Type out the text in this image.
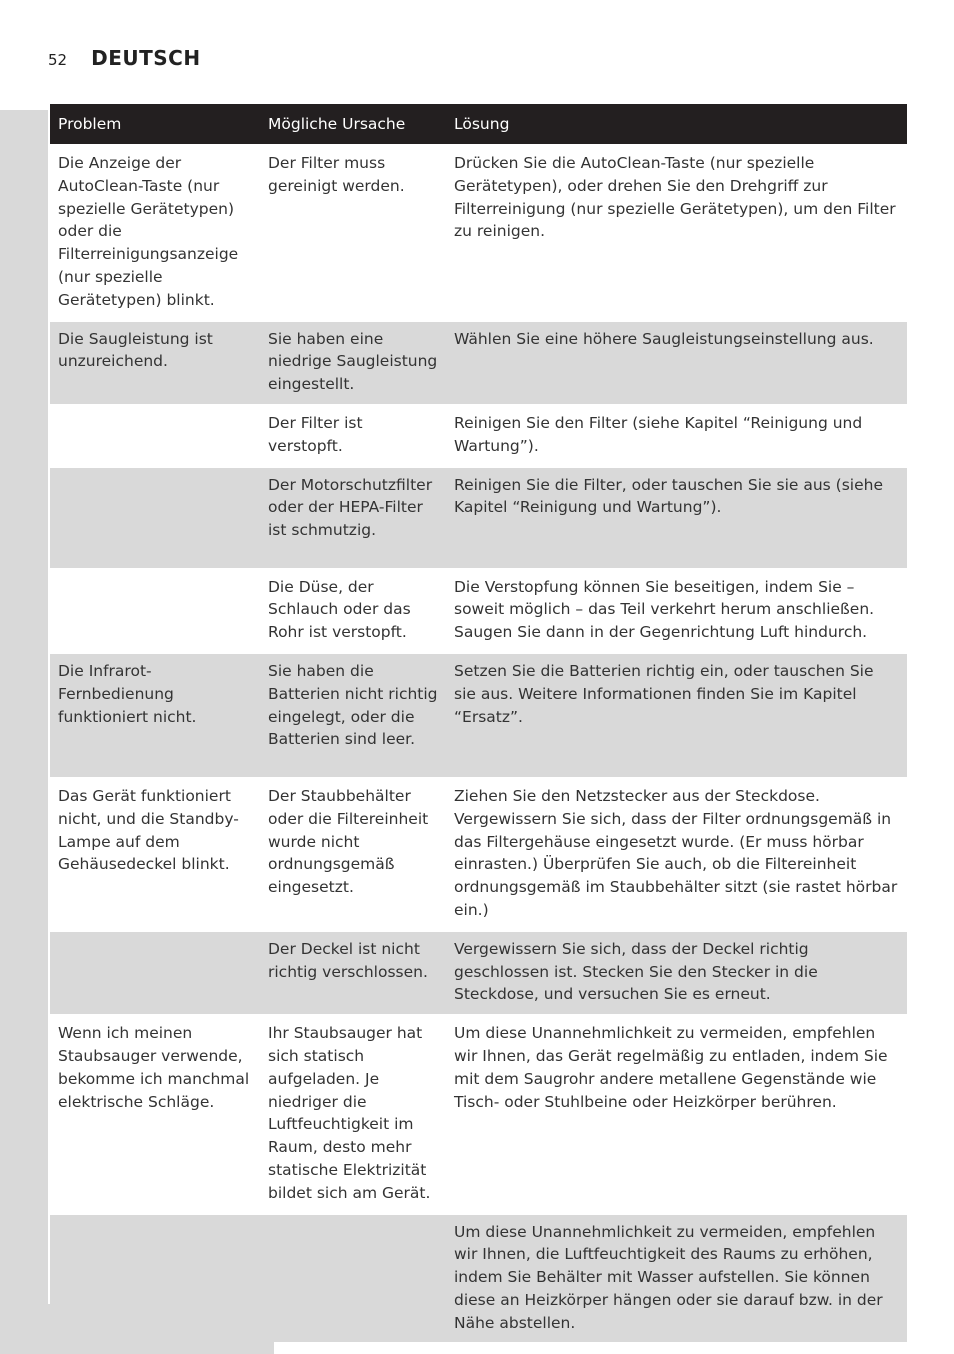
52 DEUTSCH
Problem	Mögliche Ursache	Lösung
Die Anzeige der AutoClean-Taste (nur spezielle Gerätetypen) oder die Filterreinigungsanzeige (nur spezielle Gerätetypen) blinkt.	Der Filter muss gereinigt werden.	Drücken Sie die AutoClean-Taste (nur spezielle Gerätetypen), oder drehen Sie den Drehgriff zur Filterreinigung (nur spezielle Gerätetypen), um den Filter zu reinigen.
Die Saugleistung ist unzureichend.	Sie haben eine niedrige Saugleistung eingestellt.	Wählen Sie eine höhere Saugleistungseinstellung aus.
	Der Filter ist verstopft.	Reinigen Sie den Filter (siehe Kapitel “Reinigung und Wartung”).
	Der Motorschutzfilter oder der HEPA-Filter ist schmutzig.	Reinigen Sie die Filter, oder tauschen Sie sie aus (siehe Kapitel “Reinigung und Wartung”).
	Die Düse, der Schlauch oder das Rohr ist verstopft.	Die Verstopfung können Sie beseitigen, indem Sie – soweit möglich – das Teil verkehrt herum anschließen. Saugen Sie dann in der Gegenrichtung Luft hindurch.
Die Infrarot-Fernbedienung funktioniert nicht.	Sie haben die Batterien nicht richtig eingelegt, oder die Batterien sind leer.	Setzen Sie die Batterien richtig ein, oder tauschen Sie sie aus. Weitere Informationen finden Sie im Kapitel “Ersatz”.
Das Gerät funktioniert nicht, und die Standby-Lampe auf dem Gehäusedeckel blinkt.	Der Staubbehälter oder die Filtereinheit wurde nicht ordnungsgemäß eingesetzt.	Ziehen Sie den Netzstecker aus der Steckdose. Vergewissern Sie sich, dass der Filter ordnungsgemäß in das Filtergehäuse eingesetzt wurde. (Er muss hörbar einrasten.) Überprüfen Sie auch, ob die Filtereinheit ordnungsgemäß im Staubbehälter sitzt (sie rastet hörbar ein.)
	Der Deckel ist nicht richtig verschlossen.	Vergewissern Sie sich, dass der Deckel richtig geschlossen ist. Stecken Sie den Stecker in die Steckdose, und versuchen Sie es erneut.
Wenn ich meinen Staubsauger verwende, bekomme ich manchmal elektrische Schläge.	Ihr Staubsauger hat sich statisch aufgeladen. Je niedriger die Luftfeuchtigkeit im Raum, desto mehr statische Elektrizität bildet sich am Gerät.	Um diese Unannehmlichkeit zu vermeiden, empfehlen wir Ihnen, das Gerät regelmäßig zu entladen, indem Sie mit dem Saugrohr andere metallene Gegenstände wie Tisch- oder Stuhlbeine oder Heizkörper berühren.
		Um diese Unannehmlichkeit zu vermeiden, empfehlen wir Ihnen, die Luftfeuchtigkeit des Raums zu erhöhen, indem Sie Behälter mit Wasser aufstellen. Sie können diese an Heizkörper hängen oder sie darauf bzw. in der Nähe abstellen.
